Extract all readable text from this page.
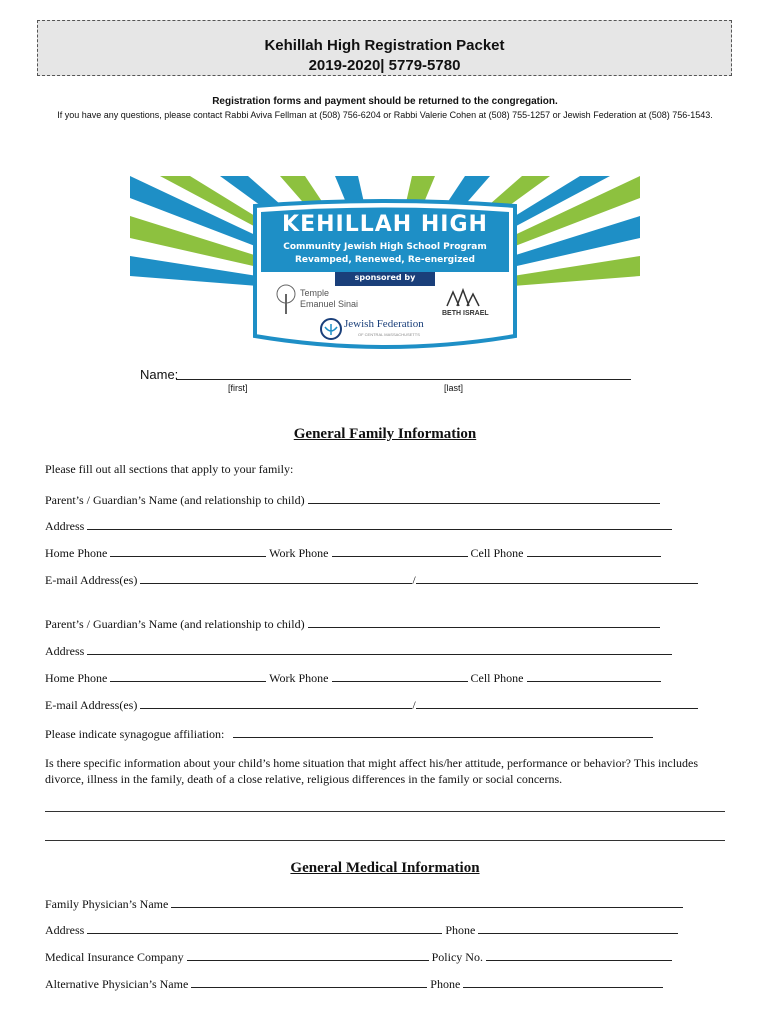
Kehillah High Registration Packet
2019-2020| 5779-5780
Registration forms and payment should be returned to the congregation.
If you have any questions, please contact Rabbi Aviva Fellman at (508) 756-6204 or Rabbi Valerie Cohen at (508) 755-1257 or Jewish Federation at (508) 756-1543.
KEHILLAH HIGH
Community Jewish High School Program
Revamped, Renewed, Re-energized
sponsored by
Temple
Emanuel Sinai
Jewish Federation
OF CENTRAL MASSACHUSETTS
BETH ISRAEL
Name:
[first]	[last]
General Family Information
Please fill out all sections that apply to your family:
Parent’s / Guardian’s Name (and relationship to child)
Address
Home Phone	Work Phone	Cell Phone
E-mail Address(es)	/
Parent’s / Guardian’s Name (and relationship to child)
Address
Home Phone	Work Phone	Cell Phone
E-mail Address(es)	/
Please indicate synagogue affiliation:
Is there specific information about your child’s home situation that might affect his/her attitude, performance or behavior? This includes divorce, illness in the family, death of a close relative, religious differences in the family or social concerns.
General Medical Information
Family Physician’s Name
Address	Phone
Medical Insurance Company	Policy No.
Alternative Physician’s Name	Phone
